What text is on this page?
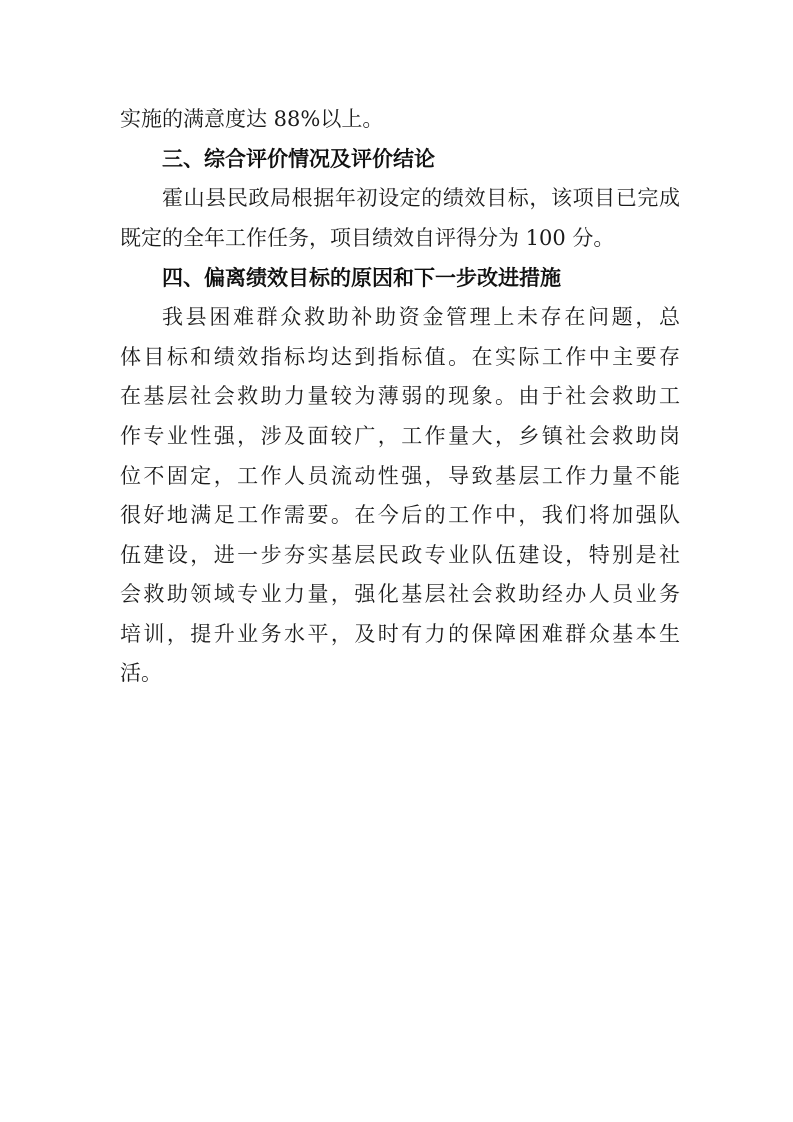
实施的满意度达 88%以上。
三、综合评价情况及评价结论
霍山县民政局根据年初设定的绩效目标，该项目已完成
既定的全年工作任务，项目绩效自评得分为 100 分。
四、偏离绩效目标的原因和下一步改进措施
我县困难群众救助补助资金管理上未存在问题，总
体目标和绩效指标均达到指标值。在实际工作中主要存
在基层社会救助力量较为薄弱的现象。由于社会救助工
作专业性强，涉及面较广，工作量大，乡镇社会救助岗
位不固定，工作人员流动性强，导致基层工作力量不能
很好地满足工作需要。在今后的工作中，我们将加强队
伍建设，进一步夯实基层民政专业队伍建设，特别是社
会救助领域专业力量，强化基层社会救助经办人员业务
培训，提升业务水平，及时有力的保障困难群众基本生
活。
